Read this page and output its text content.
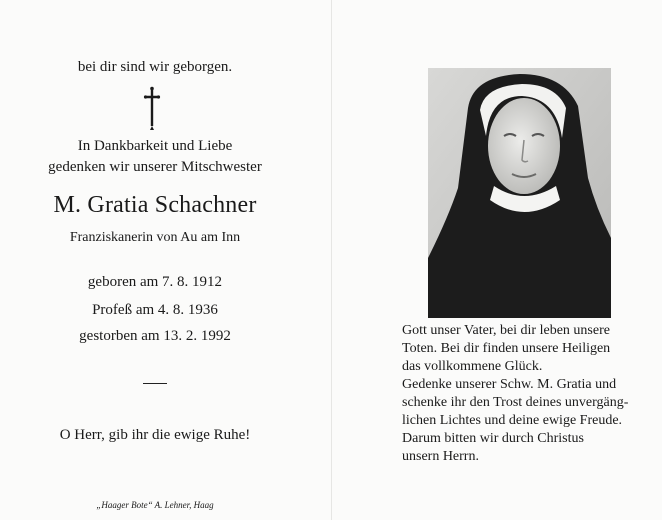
bei dir sind wir geborgen.
In Dankbarkeit und Liebe
gedenken wir unserer Mitschwester
M. Gratia Schachner
Franziskanerin von Au am Inn
geboren am 7. 8. 1912
Profeß am 4. 8. 1936
gestorben am 13. 2. 1992
O Herr, gib ihr die ewige Ruhe!
„Haager Bote“ A. Lehner, Haag
Gott unser Vater, bei dir leben unsere
Toten. Bei dir finden unsere Heiligen
das vollkommene Glück.
Gedenke unserer Schw. M. Gratia und
schenke ihr den Trost deines unvergäng-
lichen Lichtes und deine ewige Freude.
Darum bitten wir durch Christus
unsern Herrn.
